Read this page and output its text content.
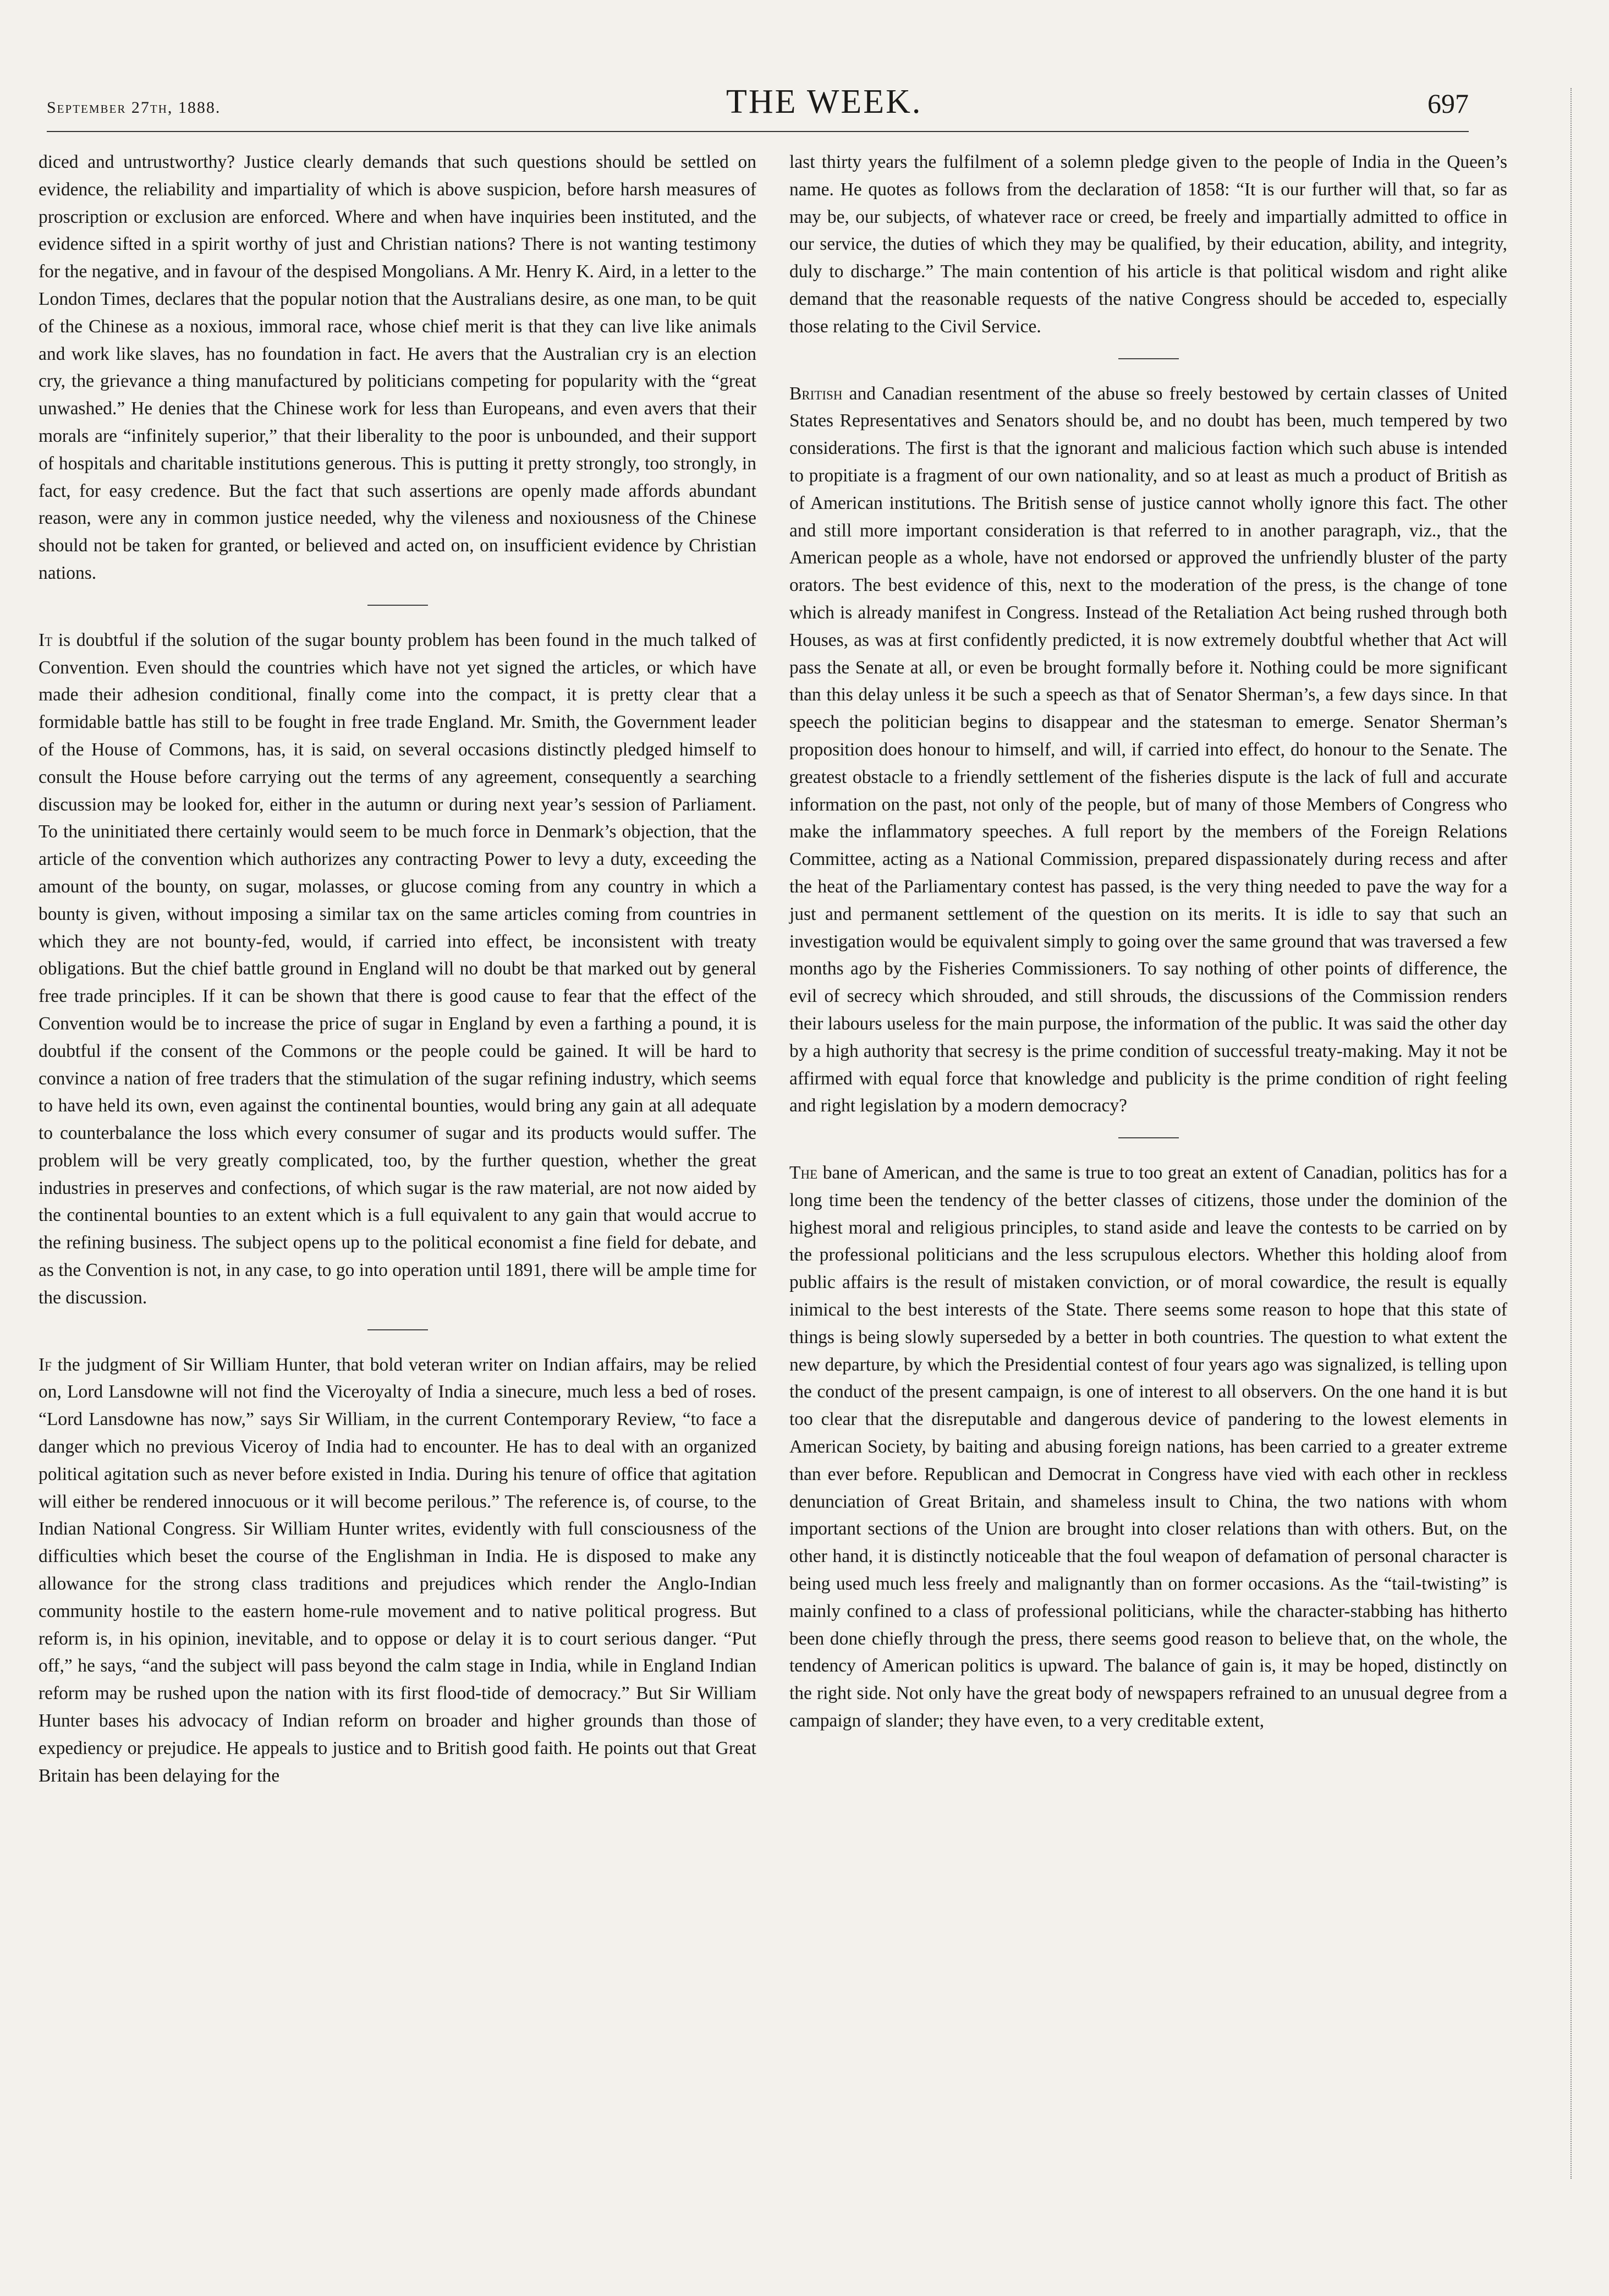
September 27th, 1888.	THE WEEK.	697

diced and untrustworthy? Justice clearly demands that such questions should be settled on evidence, the reliability and impartiality of which is above suspicion, before harsh measures of proscription or exclusion are enforced. Where and when have inquiries been instituted, and the evidence sifted in a spirit worthy of just and Christian nations? There is not wanting testimony for the negative, and in favour of the despised Mongolians. A Mr. Henry K. Aird, in a letter to the London Times, declares that the popular notion that the Australians desire, as one man, to be quit of the Chinese as a noxious, immoral race, whose chief merit is that they can live like animals and work like slaves, has no foundation in fact. He avers that the Australian cry is an election cry, the grievance a thing manufactured by politicians competing for popularity with the “great unwashed.” He denies that the Chinese work for less than Europeans, and even avers that their morals are “infinitely superior,” that their liberality to the poor is unbounded, and their support of hospitals and charitable institutions generous. This is putting it pretty strongly, too strongly, in fact, for easy credence. But the fact that such assertions are openly made affords abundant reason, were any in common justice needed, why the vileness and noxiousness of the Chinese should not be taken for granted, or believed and acted on, on insufficient evidence by Christian nations.

It is doubtful if the solution of the sugar bounty problem has been found in the much talked of Convention. Even should the countries which have not yet signed the articles, or which have made their adhesion conditional, finally come into the compact, it is pretty clear that a formidable battle has still to be fought in free trade England. Mr. Smith, the Government leader of the House of Commons, has, it is said, on several occasions distinctly pledged himself to consult the House before carrying out the terms of any agreement, consequently a searching discussion may be looked for, either in the autumn or during next year’s session of Parliament. To the uninitiated there certainly would seem to be much force in Denmark’s objection, that the article of the convention which authorizes any contracting Power to levy a duty, exceeding the amount of the bounty, on sugar, molasses, or glucose coming from any country in which a bounty is given, without imposing a similar tax on the same articles coming from countries in which they are not bounty-fed, would, if carried into effect, be inconsistent with treaty obligations. But the chief battle ground in England will no doubt be that marked out by general free trade principles. If it can be shown that there is good cause to fear that the effect of the Convention would be to increase the price of sugar in England by even a farthing a pound, it is doubtful if the consent of the Commons or the people could be gained. It will be hard to convince a nation of free traders that the stimulation of the sugar refining industry, which seems to have held its own, even against the continental bounties, would bring any gain at all adequate to counterbalance the loss which every consumer of sugar and its products would suffer. The problem will be very greatly complicated, too, by the further question, whether the great industries in preserves and confections, of which sugar is the raw material, are not now aided by the continental bounties to an extent which is a full equivalent to any gain that would accrue to the refining business. The subject opens up to the political economist a fine field for debate, and as the Convention is not, in any case, to go into operation until 1891, there will be ample time for the discussion.

If the judgment of Sir William Hunter, that bold veteran writer on Indian affairs, may be relied on, Lord Lansdowne will not find the Viceroyalty of India a sinecure, much less a bed of roses. “Lord Lansdowne has now,” says Sir William, in the current Contemporary Review, “to face a danger which no previous Viceroy of India had to encounter. He has to deal with an organized political agitation such as never before existed in India. During his tenure of office that agitation will either be rendered innocuous or it will become perilous.” The reference is, of course, to the Indian National Congress. Sir William Hunter writes, evidently with full consciousness of the difficulties which beset the course of the Englishman in India. He is disposed to make any allowance for the strong class traditions and prejudices which render the Anglo-Indian community hostile to the eastern home-rule movement and to native political progress. But reform is, in his opinion, inevitable, and to oppose or delay it is to court serious danger. “Put off,” he says, “and the subject will pass beyond the calm stage in India, while in England Indian reform may be rushed upon the nation with its first flood-tide of democracy.” But Sir William Hunter bases his advocacy of Indian reform on broader and higher grounds than those of expediency or prejudice. He appeals to justice and to British good faith. He points out that Great Britain has been delaying for the

last thirty years the fulfilment of a solemn pledge given to the people of India in the Queen’s name. He quotes as follows from the declaration of 1858: “It is our further will that, so far as may be, our subjects, of whatever race or creed, be freely and impartially admitted to office in our service, the duties of which they may be qualified, by their education, ability, and integrity, duly to discharge.” The main contention of his article is that political wisdom and right alike demand that the reasonable requests of the native Congress should be acceded to, especially those relating to the Civil Service.

British and Canadian resentment of the abuse so freely bestowed by certain classes of United States Representatives and Senators should be, and no doubt has been, much tempered by two considerations. The first is that the ignorant and malicious faction which such abuse is intended to propitiate is a fragment of our own nationality, and so at least as much a product of British as of American institutions. The British sense of justice cannot wholly ignore this fact. The other and still more important consideration is that referred to in another paragraph, viz., that the American people as a whole, have not endorsed or approved the unfriendly bluster of the party orators. The best evidence of this, next to the moderation of the press, is the change of tone which is already manifest in Congress. Instead of the Retaliation Act being rushed through both Houses, as was at first confidently predicted, it is now extremely doubtful whether that Act will pass the Senate at all, or even be brought formally before it. Nothing could be more significant than this delay unless it be such a speech as that of Senator Sherman’s, a few days since. In that speech the politician begins to disappear and the statesman to emerge. Senator Sherman’s proposition does honour to himself, and will, if carried into effect, do honour to the Senate. The greatest obstacle to a friendly settlement of the fisheries dispute is the lack of full and accurate information on the past, not only of the people, but of many of those Members of Congress who make the inflammatory speeches. A full report by the members of the Foreign Relations Committee, acting as a National Commission, prepared dispassionately during recess and after the heat of the Parliamentary contest has passed, is the very thing needed to pave the way for a just and permanent settlement of the question on its merits. It is idle to say that such an investigation would be equivalent simply to going over the same ground that was traversed a few months ago by the Fisheries Commissioners. To say nothing of other points of difference, the evil of secrecy which shrouded, and still shrouds, the discussions of the Commission renders their labours useless for the main purpose, the information of the public. It was said the other day by a high authority that secresy is the prime condition of successful treaty-making. May it not be affirmed with equal force that knowledge and publicity is the prime condition of right feeling and right legislation by a modern democracy?

The bane of American, and the same is true to too great an extent of Canadian, politics has for a long time been the tendency of the better classes of citizens, those under the dominion of the highest moral and religious principles, to stand aside and leave the contests to be carried on by the professional politicians and the less scrupulous electors. Whether this holding aloof from public affairs is the result of mistaken conviction, or of moral cowardice, the result is equally inimical to the best interests of the State. There seems some reason to hope that this state of things is being slowly superseded by a better in both countries. The question to what extent the new departure, by which the Presidential contest of four years ago was signalized, is telling upon the conduct of the present campaign, is one of interest to all observers. On the one hand it is but too clear that the disreputable and dangerous device of pandering to the lowest elements in American Society, by baiting and abusing foreign nations, has been carried to a greater extreme than ever before. Republican and Democrat in Congress have vied with each other in reckless denunciation of Great Britain, and shameless insult to China, the two nations with whom important sections of the Union are brought into closer relations than with others. But, on the other hand, it is distinctly noticeable that the foul weapon of defamation of personal character is being used much less freely and malignantly than on former occasions. As the “tail-twisting” is mainly confined to a class of professional politicians, while the character-stabbing has hitherto been done chiefly through the press, there seems good reason to believe that, on the whole, the tendency of American politics is upward. The balance of gain is, it may be hoped, distinctly on the right side. Not only have the great body of newspapers refrained to an unusual degree from a campaign of slander; they have even, to a very creditable extent,
